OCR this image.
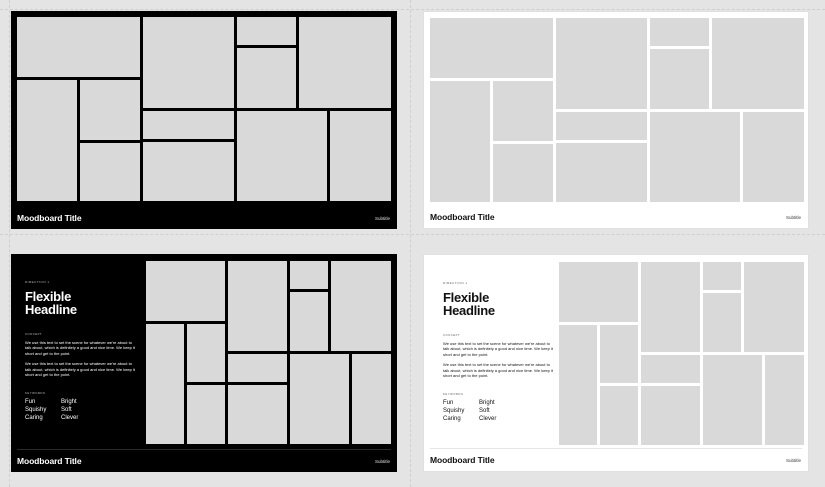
Moodboard Title	Subtitle	Moodboard Title	Subtitle
DIRECTION 1
Flexible
Headline
CONCEPT
We use this text to set the scene for whatever we're about to talk about, which is definitely a good and nice time. We keep it short and get to the point.
We use this text to set the scene for whatever we're about to talk about, which is definitely a good and nice time. We keep it short and get to the point.
KEYWORDS
Fun	Bright
Squishy	Soft
Caring	Clever
Moodboard Title	Subtitle
DIRECTION 1
Flexible
Headline
CONCEPT
We use this text to set the scene for whatever we're about to talk about, which is definitely a good and nice time. We keep it short and get to the point.
We use this text to set the scene for whatever we're about to talk about, which is definitely a good and nice time. We keep it short and get to the point.
KEYWORDS
Fun	Bright
Squishy	Soft
Caring	Clever
Moodboard Title	Subtitle
